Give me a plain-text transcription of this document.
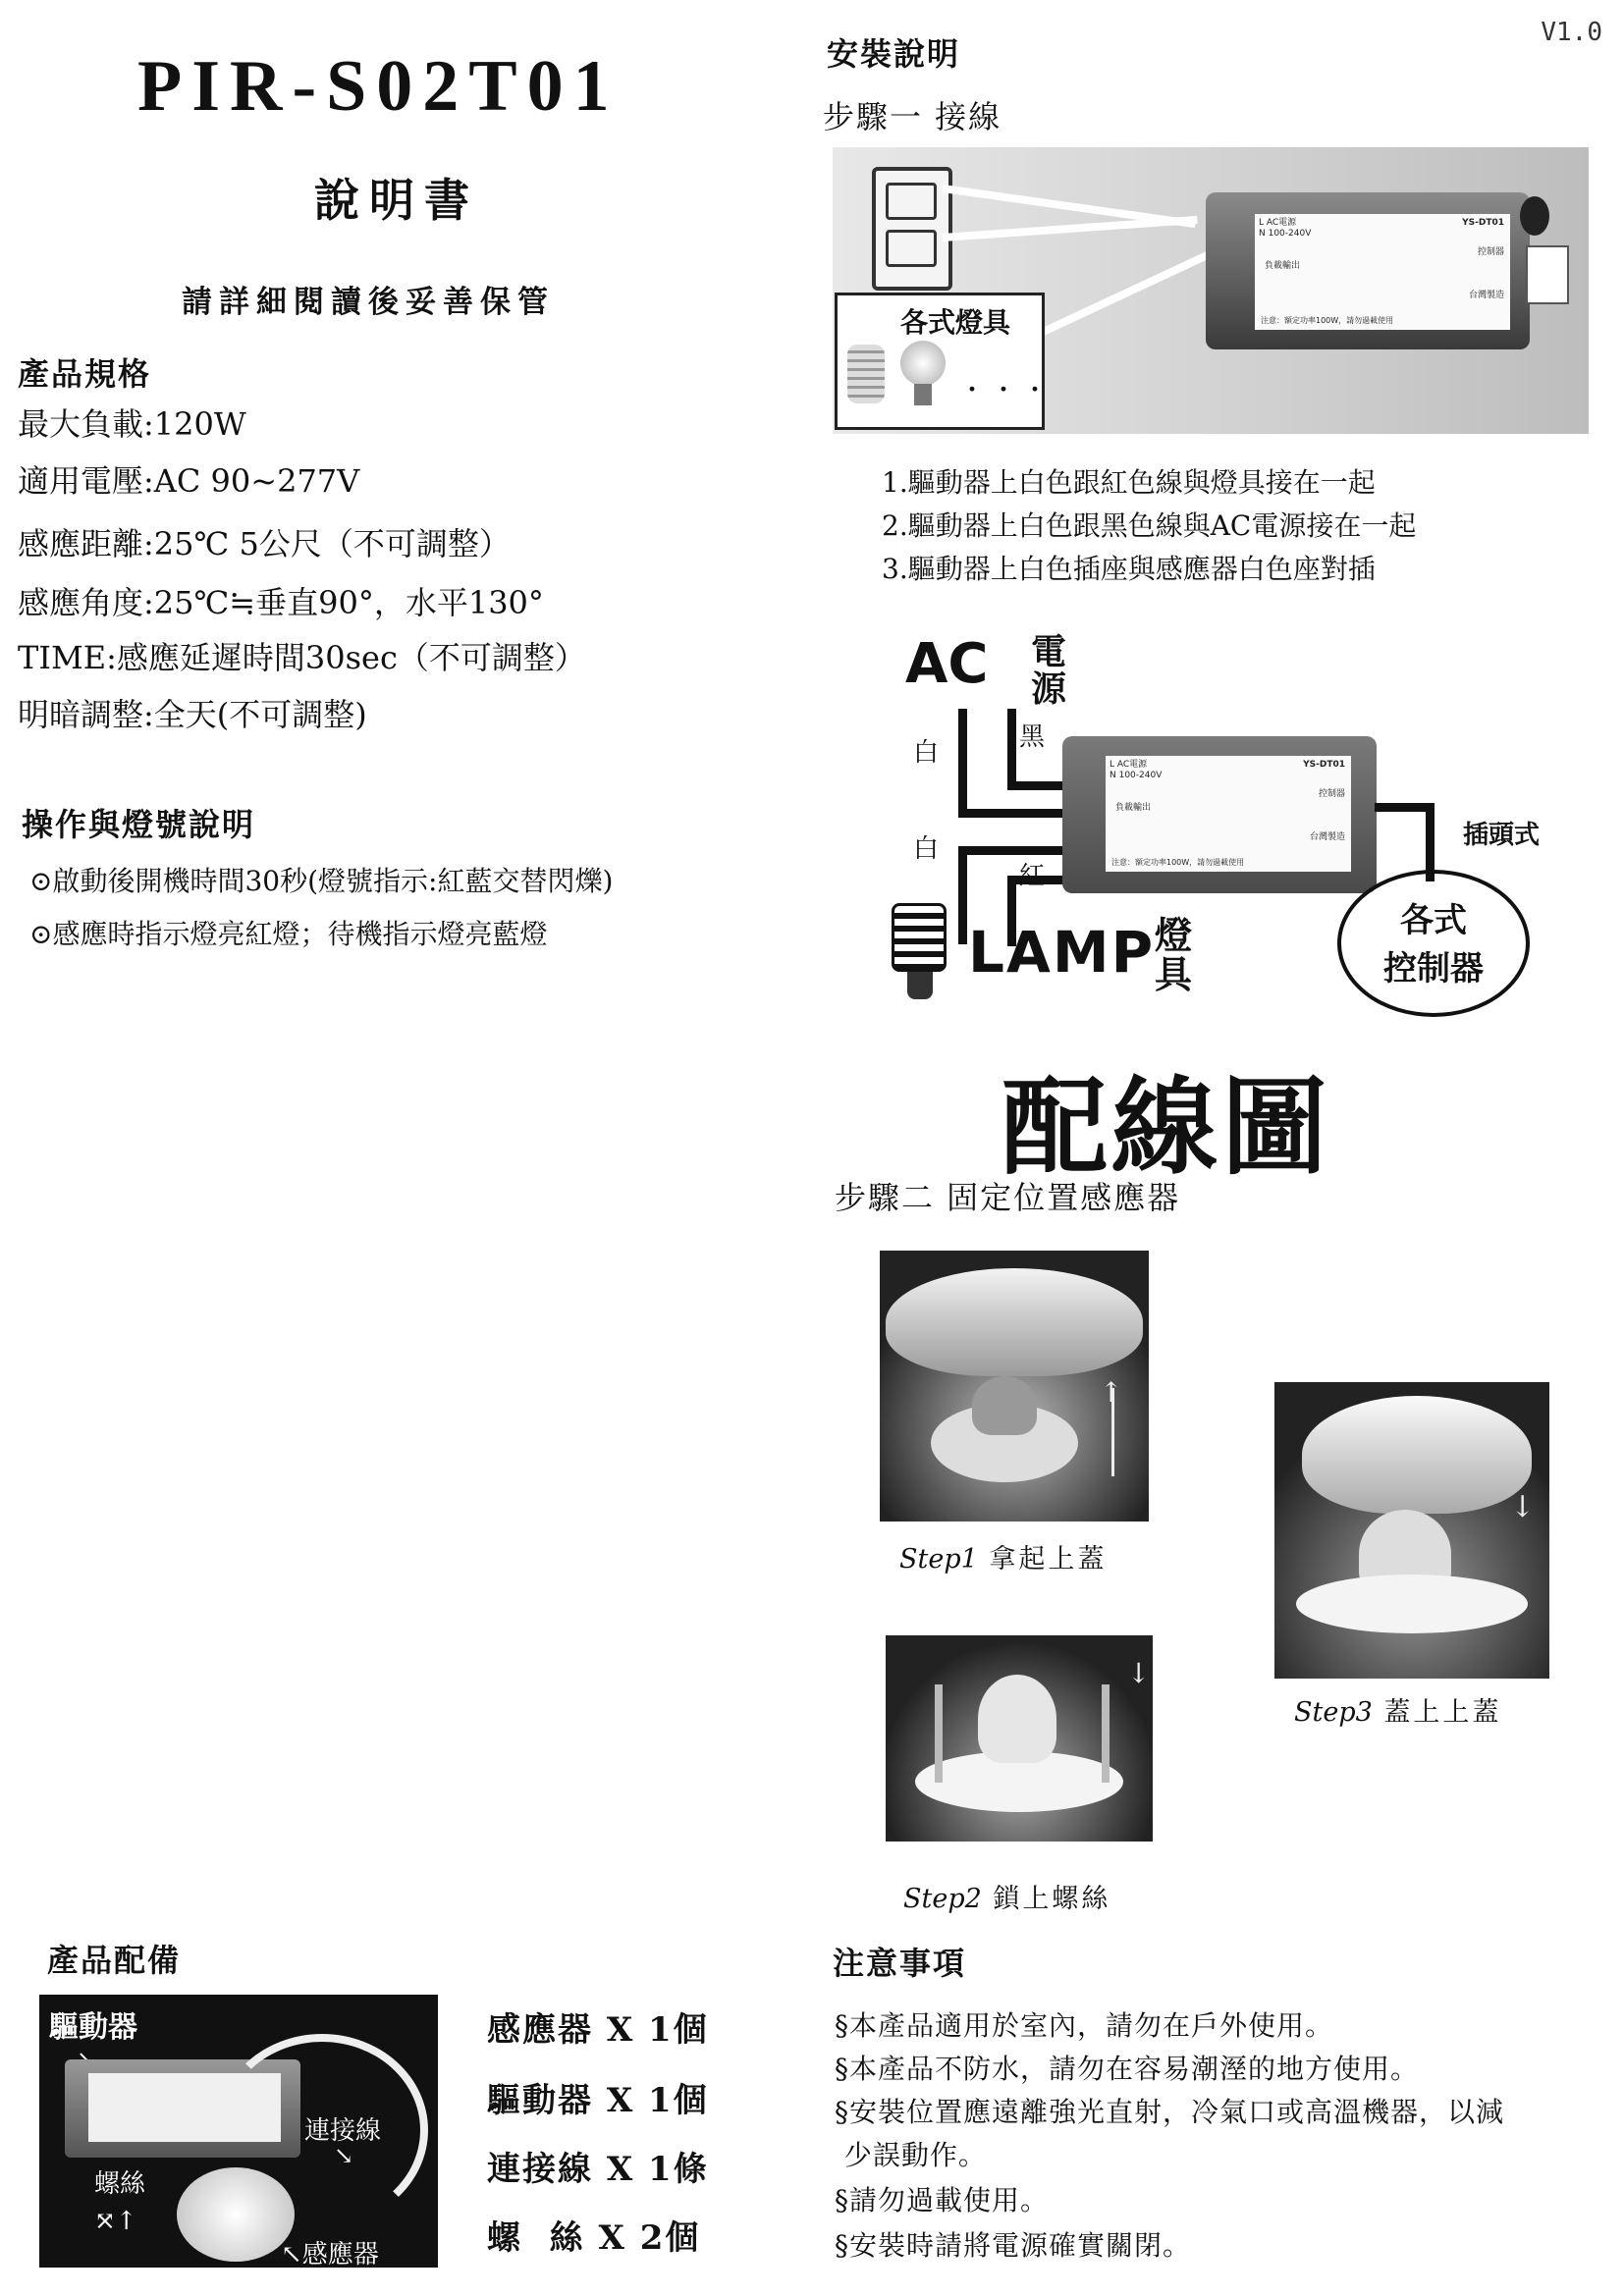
V1.0
PIR-S02T01
說明書
請詳細閱讀後妥善保管
產品規格
最大負載:120W
適用電壓:AC 90~277V
感應距離:25℃ 5公尺（不可調整）
感應角度:25℃≒垂直90°，水平130°
TIME:感應延遲時間30sec（不可調整）
明暗調整:全天(不可調整)
操作與燈號說明
⊙啟動後開機時間30秒(燈號指示:紅藍交替閃爍)
⊙感應時指示燈亮紅燈；待機指示燈亮藍燈
安裝說明
步驟一 接線
各式燈具
・・・
L AC電源
N 100-240V
YS-DT01
控制器
負載輸出
台灣製造
注意：額定功率100W，請勿過載使用
1.驅動器上白色跟紅色線與燈具接在一起
2.驅動器上白色跟黑色線與AC電源接在一起
3.驅動器上白色插座與感應器白色座對插
AC 電
源
白
黑
白
紅
L AC電源
N 100-240V
YS-DT01
控制器
負載輸出
台灣製造
注意：額定功率100W，請勿過載使用
插頭式
各式
控制器
LAMP 燈
具
配線圖
步驟二 固定位置感應器
↑
↓
↓
Step1 拿起上蓋
Step3 蓋上上蓋
Step2 鎖上螺絲
產品配備
驅動器
連接線
↘
螺絲
⤧↑
↖感應器
感應器 X 1個
驅動器 X 1個
連接線 X 1條
螺  絲 X 2個
注意事項
§本產品適用於室內，請勿在戶外使用。
§本產品不防水，請勿在容易潮溼的地方使用。
§安裝位置應遠離強光直射，冷氣口或高溫機器，以減
少誤動作。
§請勿過載使用。
§安裝時請將電源確實關閉。
